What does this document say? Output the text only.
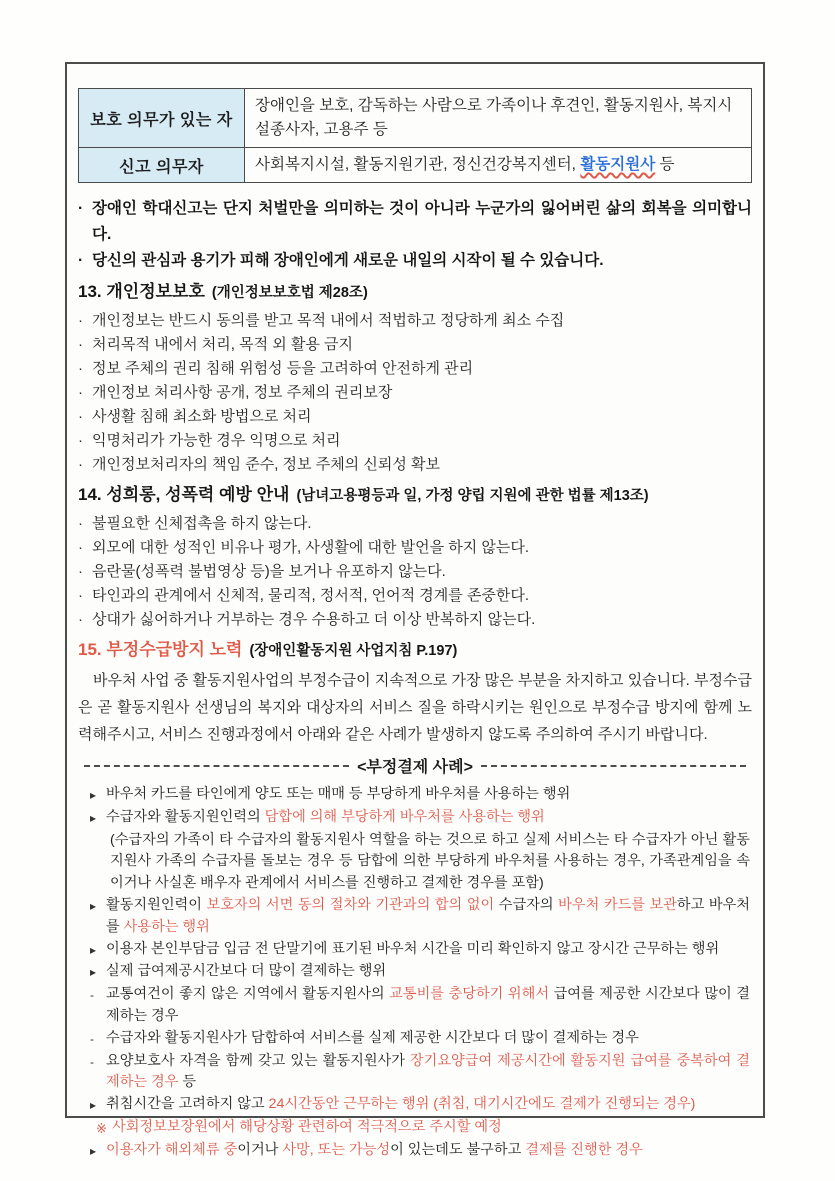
보호 의무가 있는 자	장애인을 보호, 감독하는 사람으로 가족이나 후견인, 활동지원사, 복지시설종사자, 고용주 등
신고 의무자	사회복지시설, 활동지원기관, 정신건강복지센터, 활동지원사 등
· 장애인 학대신고는 단지 처벌만을 의미하는 것이 아니라 누군가의 잃어버린 삶의 회복을 의미합니다.
· 당신의 관심과 용기가 피해 장애인에게 새로운 내일의 시작이 될 수 있습니다.
13. 개인정보보호 (개인정보보호법 제28조)
· 개인정보는 반드시 동의를 받고 목적 내에서 적법하고 정당하게 최소 수집
· 처리목적 내에서 처리, 목적 외 활용 금지
· 정보 주체의 권리 침해 위험성 등을 고려하여 안전하게 관리
· 개인정보 처리사항 공개, 정보 주체의 권리보장
· 사생활 침해 최소화 방법으로 처리
· 익명처리가 가능한 경우 익명으로 처리
· 개인정보처리자의 책임 준수, 정보 주체의 신뢰성 확보
14. 성희롱, 성폭력 예방 안내 (남녀고용평등과 일, 가정 양립 지원에 관한 법률 제13조)
· 불필요한 신체접촉을 하지 않는다.
· 외모에 대한 성적인 비유나 평가, 사생활에 대한 발언을 하지 않는다.
· 음란물(성폭력 불법영상 등)을 보거나 유포하지 않는다.
· 타인과의 관계에서 신체적, 물리적, 정서적, 언어적 경계를 존중한다.
· 상대가 싫어하거나 거부하는 경우 수용하고 더 이상 반복하지 않는다.
15. 부정수급방지 노력 (장애인활동지원 사업지침 P.197)
바우처 사업 중 활동지원사업의 부정수급이 지속적으로 가장 많은 부분을 차지하고 있습니다. 부정수급은 곧 활동지원사 선생님의 복지와 대상자의 서비스 질을 하락시키는 원인으로 부정수급 방지에 함께 노력해주시고, 서비스 진행과정에서 아래와 같은 사례가 발생하지 않도록 주의하여 주시기 바랍니다.
<부정결제 사례>
▸ 바우처 카드를 타인에게 양도 또는 매매 등 부당하게 바우처를 사용하는 행위
▸ 수급자와 활동지원인력의 담합에 의해 부당하게 바우처를 사용하는 행위
(수급자의 가족이 타 수급자의 활동지원사 역할을 하는 것으로 하고 실제 서비스는 타 수급자가 아닌 활동지원사 가족의 수급자를 돌보는 경우 등 담합에 의한 부당하게 바우처를 사용하는 경우, 가족관계임을 속이거나 사실혼 배우자 관계에서 서비스를 진행하고 결제한 경우를 포함)
▸ 활동지원인력이 보호자의 서면 동의 절차와 기관과의 합의 없이 수급자의 바우처 카드를 보관하고 바우처를 사용하는 행위
▸ 이용자 본인부담금 입금 전 단말기에 표기된 바우처 시간을 미리 확인하지 않고 장시간 근무하는 행위
▸ 실제 급여제공시간보다 더 많이 결제하는 행위
- 교통여건이 좋지 않은 지역에서 활동지원사의 교통비를 충당하기 위해서 급여를 제공한 시간보다 많이 결제하는 경우
- 수급자와 활동지원사가 담합하여 서비스를 실제 제공한 시간보다 더 많이 결제하는 경우
- 요양보호사 자격을 함께 갖고 있는 활동지원사가 장기요양급여 제공시간에 활동지원 급여를 중복하여 결제하는 경우 등
▸ 취침시간을 고려하지 않고 24시간동안 근무하는 행위 (취침, 대기시간에도 결제가 진행되는 경우)
※ 사회정보보장원에서 해당상황 관련하여 적극적으로 주시할 예정
▸ 이용자가 해외체류 중이거나 사망, 또는 가능성이 있는데도 불구하고 결제를 진행한 경우
